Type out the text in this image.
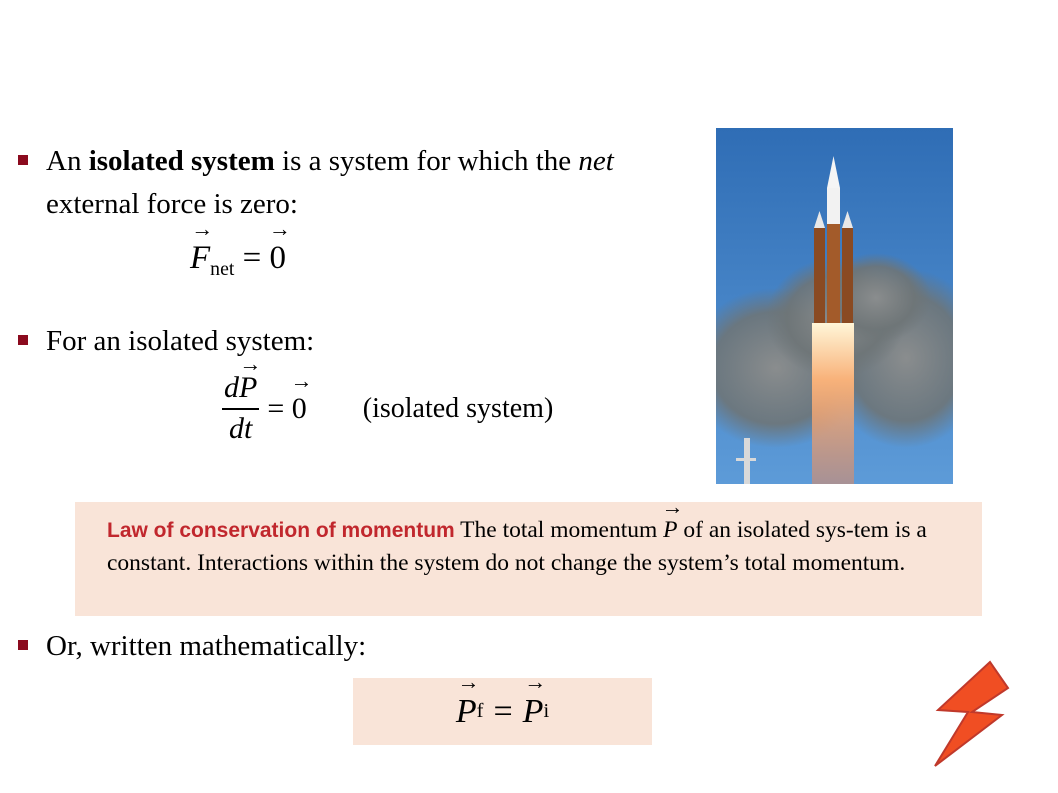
An isolated system is a system for which the net external force is zero:
→ $F_{net}$ = → 0
For an isolated system:
$\frac{d\to P}{dt}$ = → 0 (isolated system)
Law of conservation of momentum The total momentum → P of an isolated sys-tem is a constant. Interactions within the system do not change the system’s total momentum.
Or, written mathematically:
→ P f = → P i
